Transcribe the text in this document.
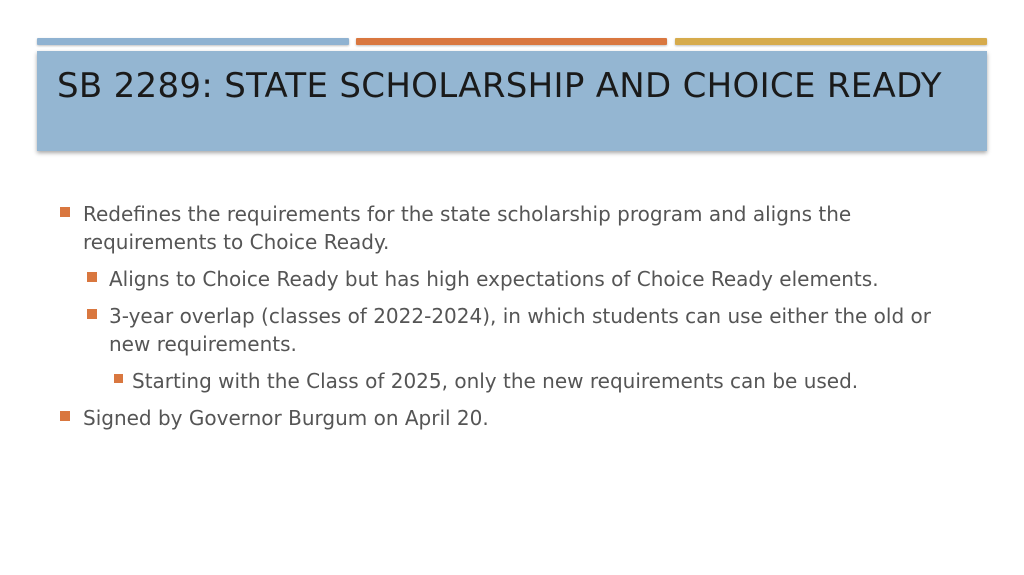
SB 2289: STATE SCHOLARSHIP AND CHOICE READY
Redefines the requirements for the state scholarship program and aligns the requirements to Choice Ready.
Aligns to Choice Ready but has high expectations of Choice Ready elements.
3-year overlap (classes of 2022-2024), in which students can use either the old or new requirements.
Starting with the Class of 2025, only the new requirements can be used.
Signed by Governor Burgum on April 20.
